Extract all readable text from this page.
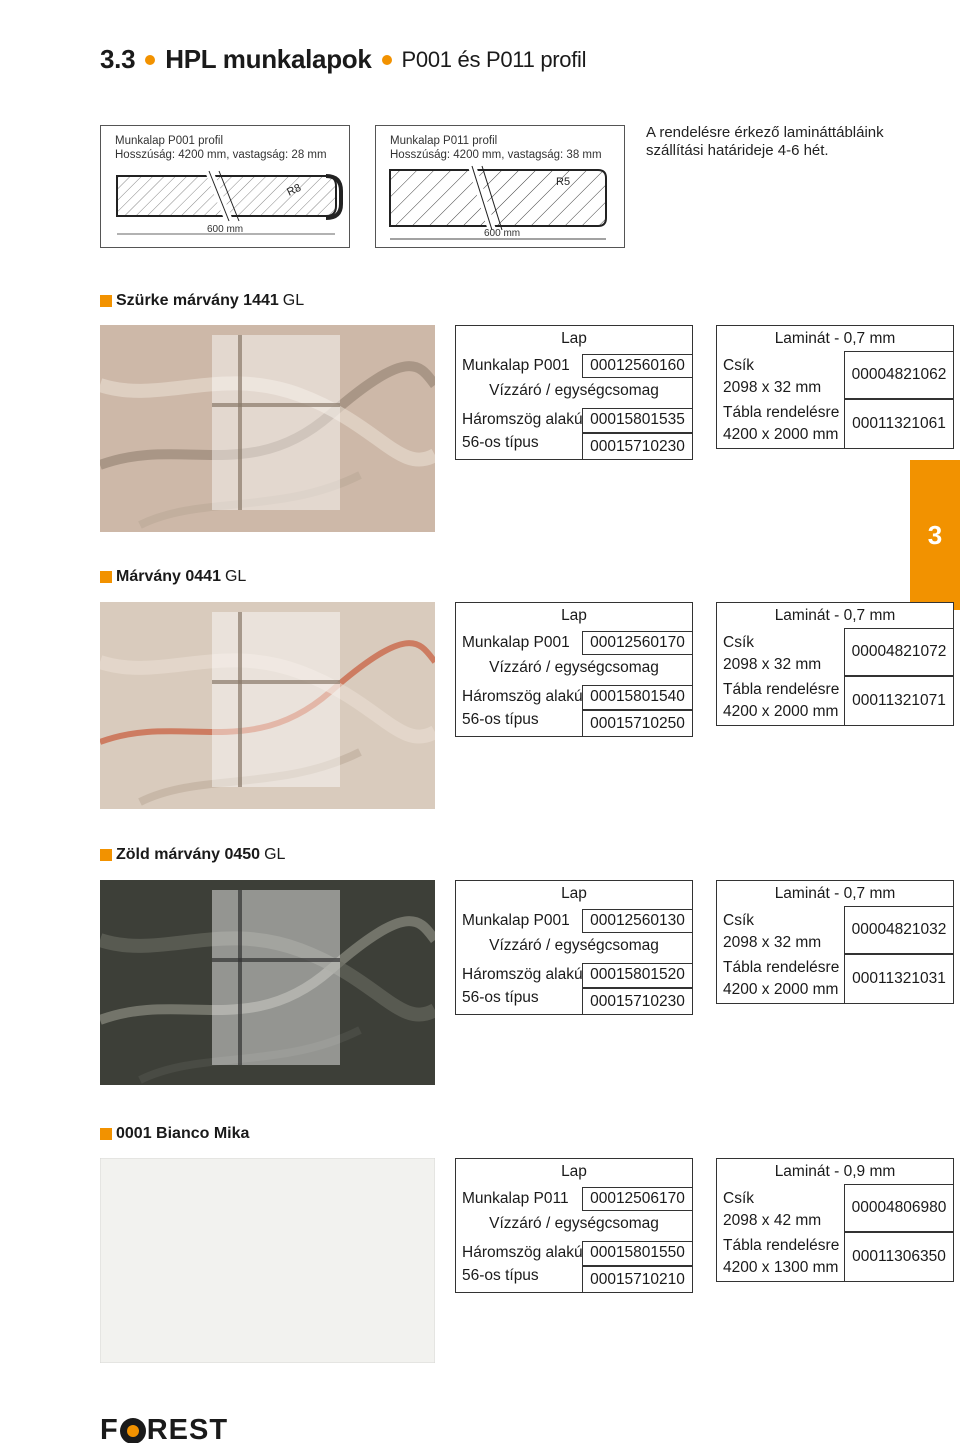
3.3 HPL munkalapok P001 és P011 profil
Munkalap P001 profil
Hosszúság: 4200 mm, vastagság: 28 mm
R8
600 mm
Munkalap P011 profil
Hosszúság: 4200 mm, vastagság: 38 mm
R5
600 mm
A rendelésre érkező lamináttábláink
szállítási határideje 4-6 hét.
3
Szürke márvány 1441 GL
Lap
Munkalap P001	00012560160
Vízzáró / egységcsomag
Háromszög alakú 00015801535
56-os típus	00015710230
Laminát - 0,7 mm
Csík
2098 x 32 mm
00004821062
Tábla rendelésre
4200 x 2000 mm
00011321061
Márvány 0441 GL
Lap
Munkalap P001	00012560170
Vízzáró / egységcsomag
Háromszög alakú 00015801540
56-os típus	00015710250
Laminát - 0,7 mm
Csík
2098 x 32 mm
00004821072
Tábla rendelésre
4200 x 2000 mm
00011321071
Zöld márvány 0450 GL
Lap
Munkalap P001	00012560130
Vízzáró / egységcsomag
Háromszög alakú 00015801520
56-os típus	00015710230
Laminát - 0,7 mm
Csík
2098 x 32 mm
00004821032
Tábla rendelésre
4200 x 2000 mm
00011321031
0001 Bianco Mika
Lap
Munkalap P011	00012506170
Vízzáró / egységcsomag
Háromszög alakú 00015801550
56-os típus	00015710210
Laminát - 0,9 mm
Csík
2098 x 42 mm
00004806980
Tábla rendelésre
4200 x 1300 mm
00011306350
F REST
